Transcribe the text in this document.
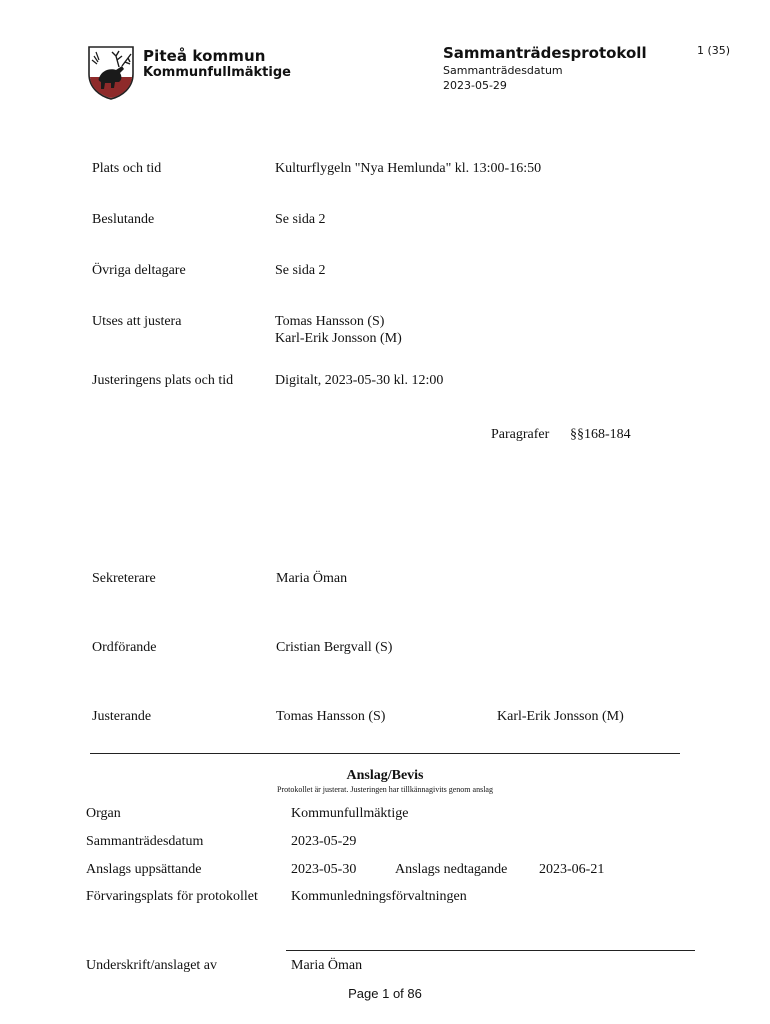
Piteå kommun
Kommunfullmäktige
Sammanträdesprotokoll
Sammanträdesdatum
2023-05-29
1 (35)
Plats och tid	Kulturflygeln "Nya Hemlunda" kl. 13:00-16:50
Beslutande	Se sida 2
Övriga deltagare	Se sida 2
Utses att justera	Tomas Hansson (S)
Karl-Erik Jonsson (M)
Justeringens plats och tid	Digitalt, 2023-05-30 kl. 12:00
Paragrafer §§168-184
Sekreterare	Maria Öman
Ordförande	Cristian Bergvall (S)
Justerande	Tomas Hansson (S)	Karl-Erik Jonsson (M)
Anslag/Bevis
Protokollet är justerat. Justeringen har tillkännagivits genom anslag
Organ	Kommunfullmäktige
Sammanträdesdatum	2023-05-29
Anslags uppsättande	2023-05-30	Anslags nedtagande 2023-06-21
Förvaringsplats för protokollet Kommunledningsförvaltningen
Underskrift/anslaget av	Maria Öman
Page 1 of 86
